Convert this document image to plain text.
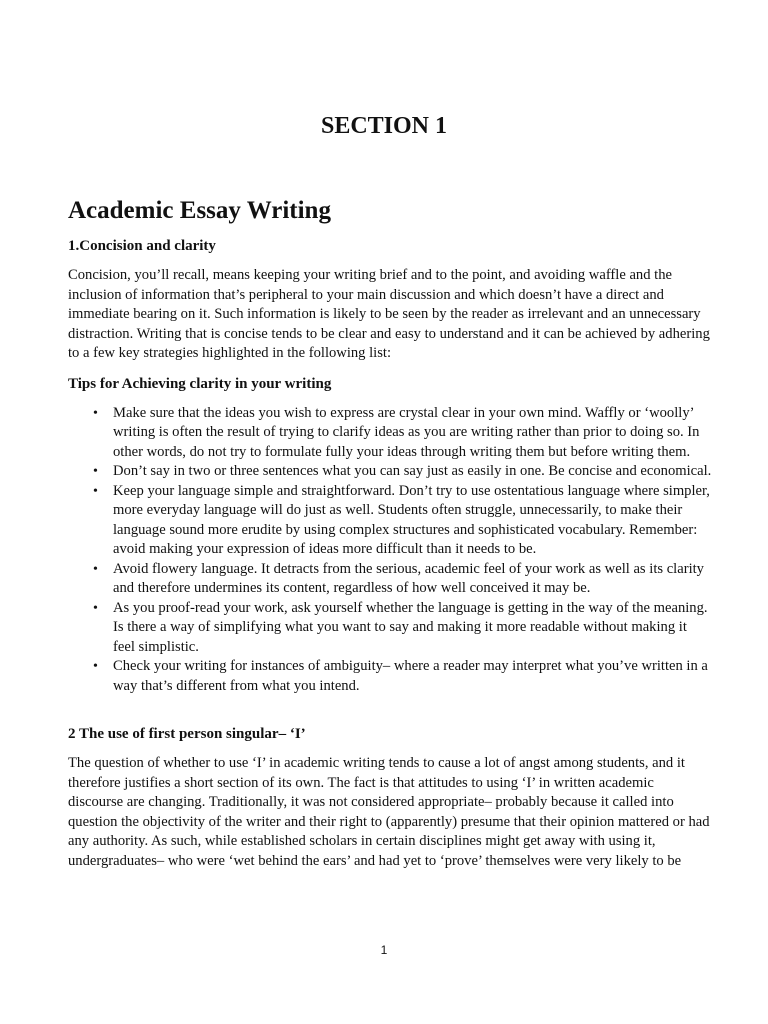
SECTION 1
Academic Essay Writing
1.Concision and clarity

Concision, you’ll recall, means keeping your writing brief and to the point, and avoiding waffle and the inclusion of information that’s peripheral to your main discussion and which doesn’t have a direct and immediate bearing on it. Such information is likely to be seen by the reader as irrelevant and an unnecessary distraction. Writing that is concise tends to be clear and easy to understand and it can be achieved by adhering to a few key strategies highlighted in the following list:

Tips for Achieving clarity in your writing
• Make sure that the ideas you wish to express are crystal clear in your own mind. Waffly or ‘woolly’ writing is often the result of trying to clarify ideas as you are writing rather than prior to doing so. In other words, do not try to formulate fully your ideas through writing them but before writing them.
• Don’t say in two or three sentences what you can say just as easily in one. Be concise and economical.
• Keep your language simple and straightforward. Don’t try to use ostentatious language where simpler, more everyday language will do just as well. Students often struggle, unnecessarily, to make their language sound more erudite by using complex structures and sophisticated vocabulary. Remember: avoid making your expression of ideas more difficult than it needs to be.
• Avoid flowery language. It detracts from the serious, academic feel of your work as well as its clarity and therefore undermines its content, regardless of how well conceived it may be.
• As you proof-read your work, ask yourself whether the language is getting in the way of the meaning. Is there a way of simplifying what you want to say and making it more readable without making it feel simplistic.
• Check your writing for instances of ambiguity– where a reader may interpret what you’ve written in a way that’s different from what you intend.
2 The use of first person singular– ‘I’

The question of whether to use ‘I’ in academic writing tends to cause a lot of angst among students, and it therefore justifies a short section of its own. The fact is that attitudes to using ‘I’ in written academic discourse are changing. Traditionally, it was not considered appropriate– probably because it called into question the objectivity of the writer and their right to (apparently) presume that their opinion mattered or had any authority. As such, while established scholars in certain disciplines might get away with using it, undergraduates– who were ‘wet behind the ears’ and had yet to ‘prove’ themselves were very likely to be

1
